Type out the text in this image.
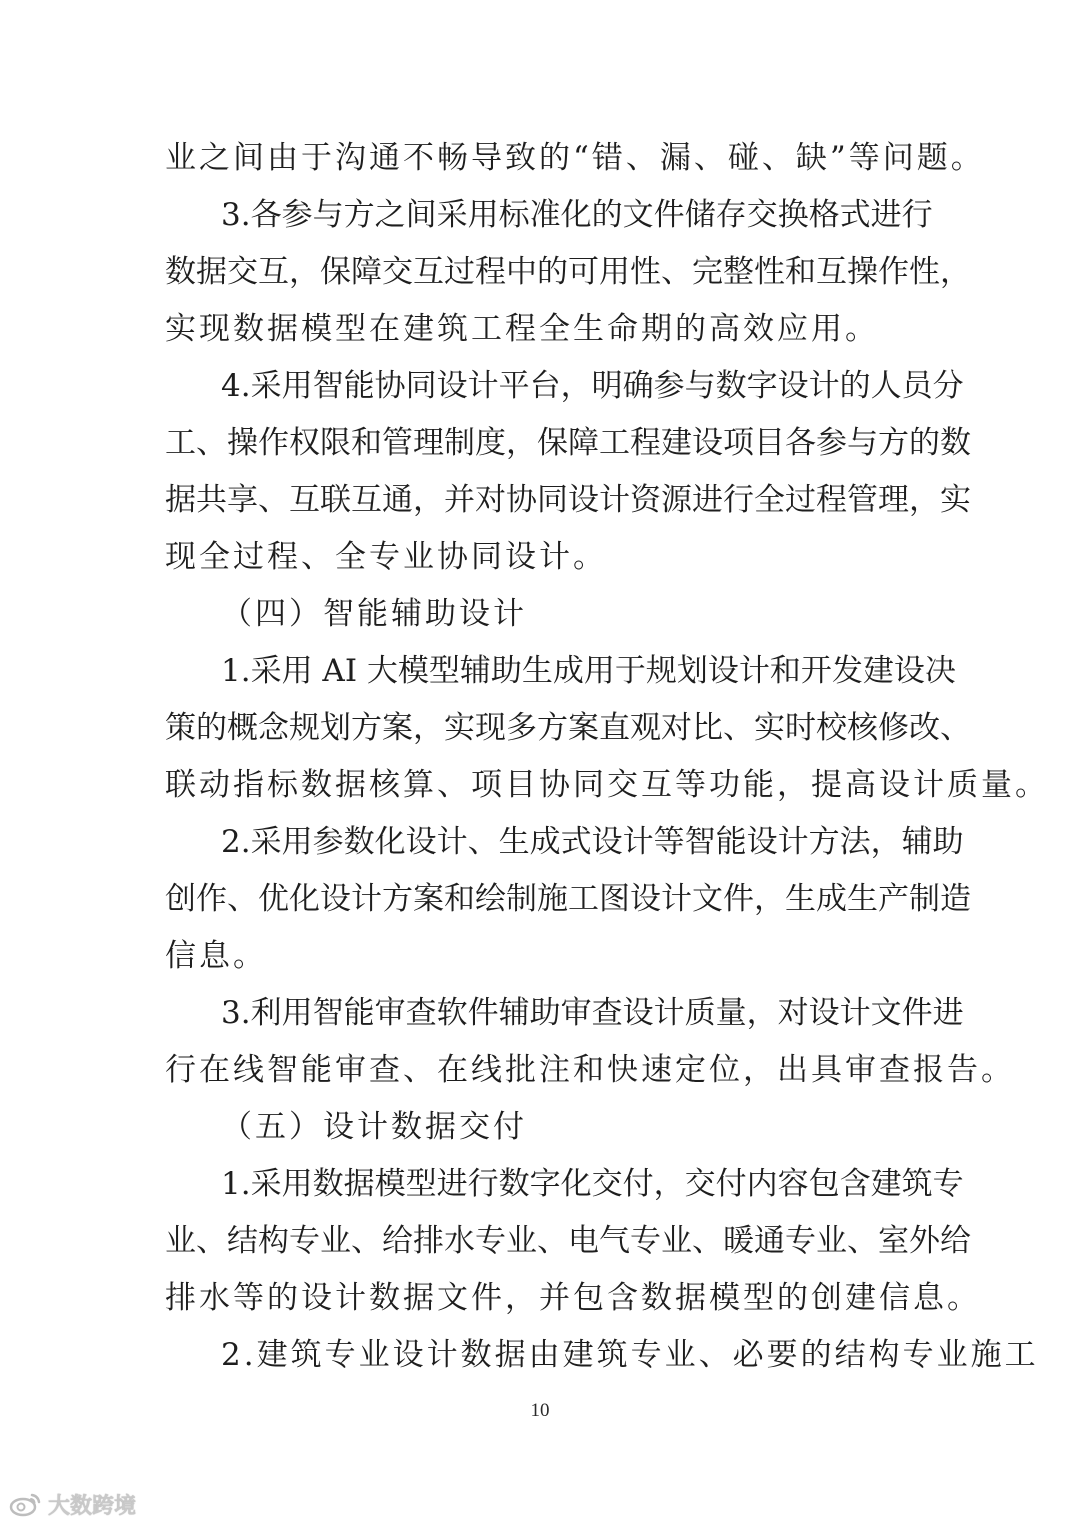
业之间由于沟通不畅导致的“错、漏、碰、缺”等问题。
3.各参与方之间采用标准化的文件储存交换格式进行
数据交互，保障交互过程中的可用性、完整性和互操作性，
实现数据模型在建筑工程全生命期的高效应用。
4.采用智能协同设计平台，明确参与数字设计的人员分
工、操作权限和管理制度，保障工程建设项目各参与方的数
据共享、互联互通，并对协同设计资源进行全过程管理，实
现全过程、全专业协同设计。
（四）智能辅助设计
1.采用 AI 大模型辅助生成用于规划设计和开发建设决
策的概念规划方案，实现多方案直观对比、实时校核修改、
联动指标数据核算、项目协同交互等功能，提高设计质量。
2.采用参数化设计、生成式设计等智能设计方法，辅助
创作、优化设计方案和绘制施工图设计文件，生成生产制造
信息。
3.利用智能审查软件辅助审查设计质量，对设计文件进
行在线智能审查、在线批注和快速定位，出具审查报告。
（五）设计数据交付
1.采用数据模型进行数字化交付，交付内容包含建筑专
业、结构专业、给排水专业、电气专业、暖通专业、室外给
排水等的设计数据文件，并包含数据模型的创建信息。
2.建筑专业设计数据由建筑专业、必要的结构专业施工
10
大数跨境
